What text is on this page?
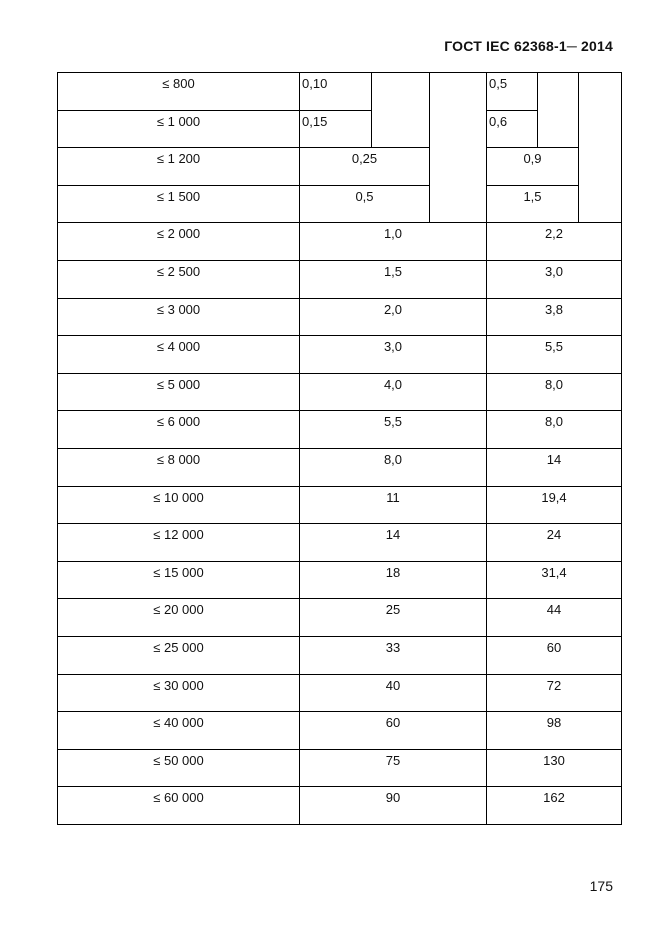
ГОСТ IEC 62368-1─ 2014
≤ 800	0,10			0,5		

≤ 1 000	0,15			0,6		

≤ 1 200	0,25			0,9		

≤ 1 500	0,5			1,5		

≤ 2 000	1,0			2,2		

≤ 2 500	1,5			3,0		

≤ 3 000	2,0			3,8		

≤ 4 000	3,0			5,5		

≤ 5 000	4,0			8,0		

≤ 6 000	5,5			8,0		

≤ 8 000	8,0			14		

≤ 10 000	11			19,4		

≤ 12 000	14			24		

≤ 15 000	18			31,4		

≤ 20 000	25			44		

≤ 25 000	33			60		

≤ 30 000	40			72		

≤ 40 000	60			98		

≤ 50 000	75			130		

≤ 60 000	90			162		
175
